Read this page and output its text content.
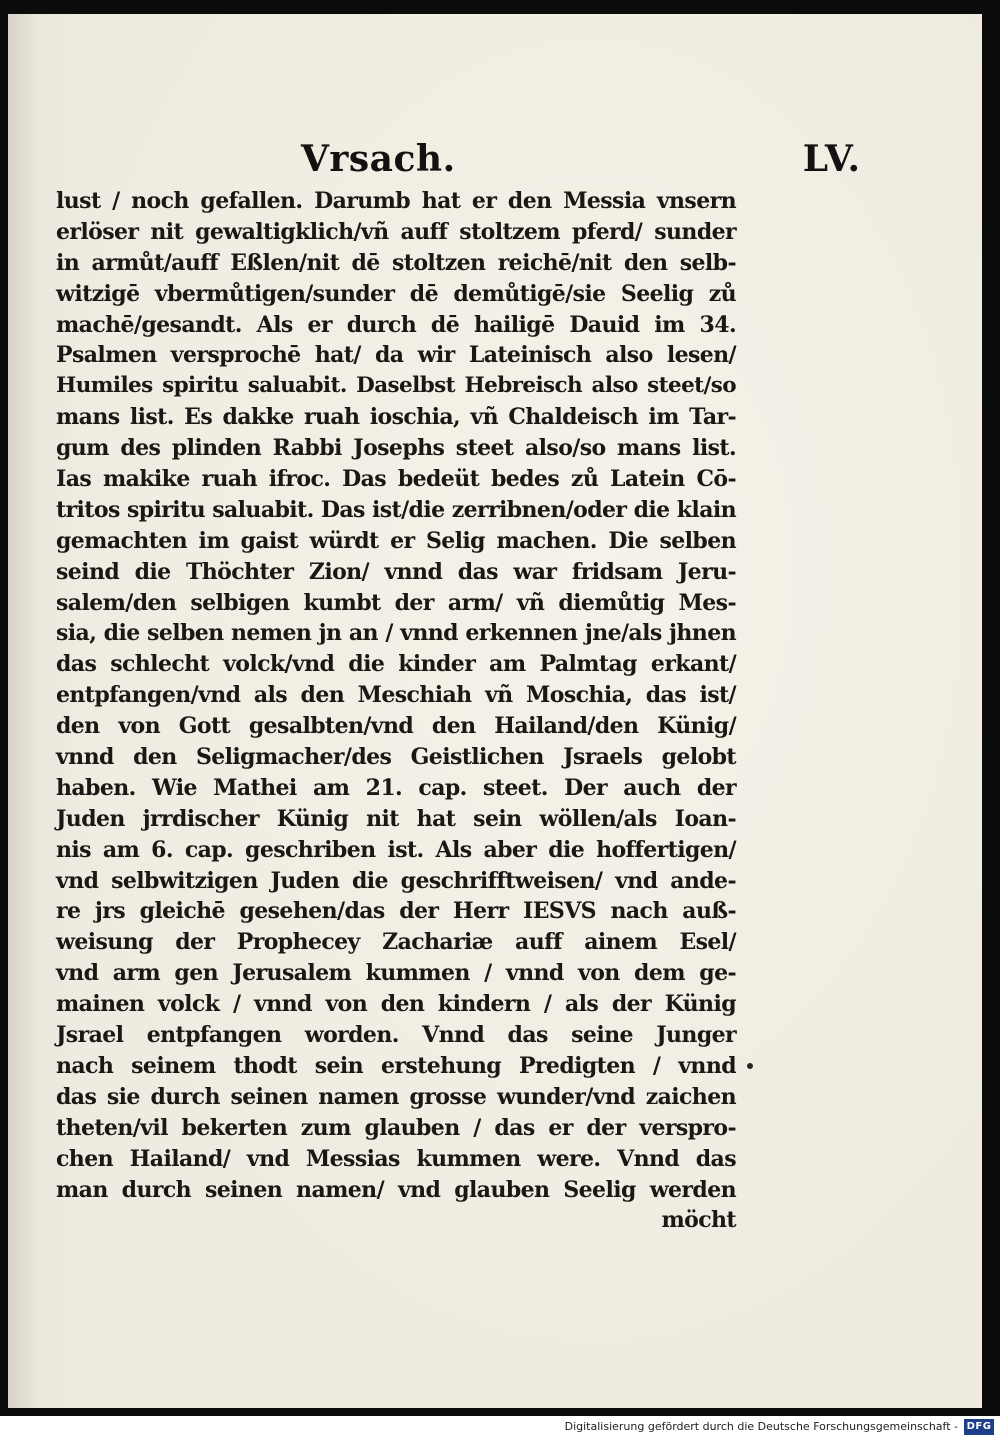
Vrsach.	LV.
lust / noch gefallen. Darumb hat er den Messia vnsern
erlöser nit gewaltigklich/vñ auff stoltzem pferd/ sunder
in armůt/auff Eßlen/nit dē stoltzen reichē/nit den selb-
witzigē vbermůtigen/sunder dē demůtigē/sie Seelig zů
machē/gesandt. Als er durch dē hailigē Dauid im 34.
Psalmen versprochē hat/ da wir Lateinisch also lesen/
Humiles spiritu saluabit. Daselbst Hebreisch also steet/so
mans list. Es dakke ruah ioschia, vñ Chaldeisch im Tar-
gum des plinden Rabbi Josephs steet also/so mans list.
Ias makike ruah ifroc. Das bedeüt bedes zů Latein Cō-
tritos spiritu saluabit. Das ist/die zerribnen/oder die klain
gemachten im gaist würdt er Selig machen. Die selben
seind die Thöchter Zion/ vnnd das war fridsam Jeru-
salem/den selbigen kumbt der arm/ vñ diemůtig Mes-
sia, die selben nemen jn an / vnnd erkennen jne/als jhnen
das schlecht volck/vnd die kinder am Palmtag erkant/
entpfangen/vnd als den Meschiah vñ Moschia, das ist/
den von Gott gesalbten/vnd den Hailand/den Künig/
vnnd den Seligmacher/des Geistlichen Jsraels gelobt
haben. Wie Mathei am 21. cap. steet. Der auch der
Juden jrrdischer Künig nit hat sein wöllen/als Ioan-
nis am 6. cap. geschriben ist. Als aber die hoffertigen/
vnd selbwitzigen Juden die geschrifftweisen/ vnd ande-
re jrs gleichē gesehen/das der Herr IESVS nach auß-
weisung der Prophecey Zachariæ auff ainem Esel/
vnd arm gen Jerusalem kummen / vnnd von dem ge-
mainen volck / vnnd von den kindern / als der Künig
Jsrael entpfangen worden. Vnnd das seine Junger
nach seinem thodt sein erstehung Predigten / vnnd
das sie durch seinen namen grosse wunder/vnd zaichen
theten/vil bekerten zum glauben / das er der verspro-
chen Hailand/ vnd Messias kummen were. Vnnd das
man durch seinen namen/ vnd glauben Seelig werden
möcht
Digitalisierung gefördert durch die Deutsche Forschungsgemeinschaft - DFG
